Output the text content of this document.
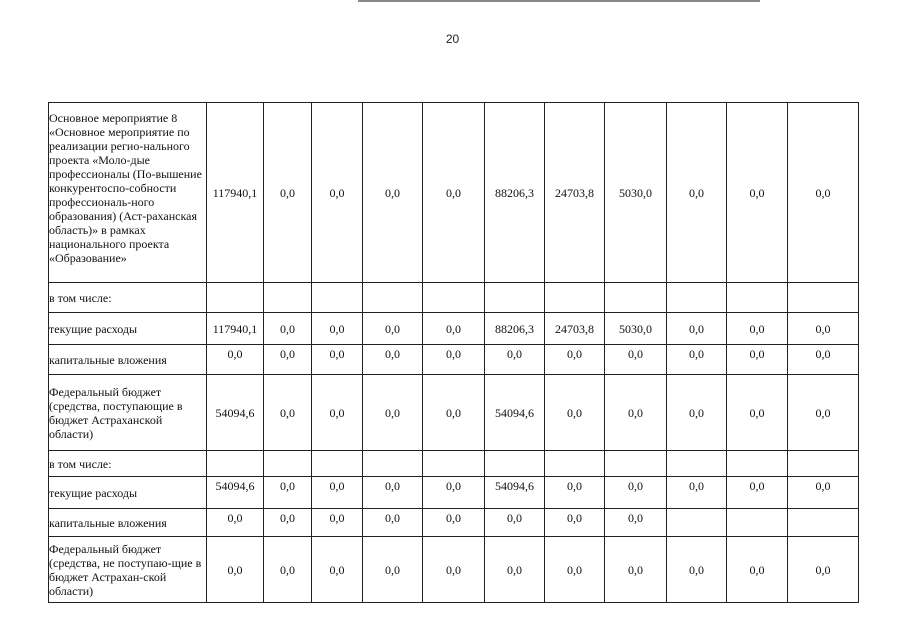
20
Основное мероприятие 8 «Основное мероприятие по реализации регио-нального проекта «Моло-дые профессионалы (По-вышение конкурентоспо-собности профессиональ-ного образования) (Аст-раханская область)» в рамках национального проекта «Образование»	117940,1	0,0	0,0	0,0	0,0	88206,3	24703,8	5030,0	0,0	0,0	0,0
в том числе:											
текущие расходы	117940,1	0,0	0,0	0,0	0,0	88206,3	24703,8	5030,0	0,0	0,0	0,0
капитальные вложения	0,0	0,0	0,0	0,0	0,0	0,0	0,0	0,0	0,0	0,0	0,0
Федеральный бюджет (средства, поступающие в бюджет Астраханской области)	54094,6	0,0	0,0	0,0	0,0	54094,6	0,0	0,0	0,0	0,0	0,0
в том числе:											
текущие расходы	54094,6	0,0	0,0	0,0	0,0	54094,6	0,0	0,0	0,0	0,0	0,0
капитальные вложения	0,0	0,0	0,0	0,0	0,0	0,0	0,0	0,0			
Федеральный бюджет (средства, не поступаю-щие в бюджет Астрахан-ской области)	0,0	0,0	0,0	0,0	0,0	0,0	0,0	0,0	0,0	0,0	0,0
